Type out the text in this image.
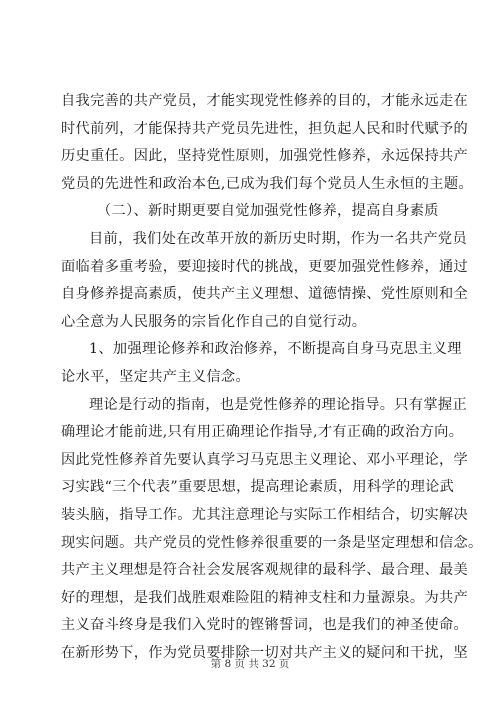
自我完善的共产党员，才能实现党性修养的目的，才能永远走在
时代前列，才能保持共产党员先进性，担负起人民和时代赋予的
历史重任。因此，坚持党性原则，加强党性修养，永远保持共产
党员的先进性和政治本色,已成为我们每个党员人生永恒的主题。
（二）、新时期更要自觉加强党性修养，提高自身素质
目前，我们处在改革开放的新历史时期，作为一名共产党员
面临着多重考验，要迎接时代的挑战，更要加强党性修养，通过
自身修养提高素质，使共产主义理想、道德情操、党性原则和全
心全意为人民服务的宗旨化作自己的自觉行动。
1、加强理论修养和政治修养，不断提高自身马克思主义理
论水平，坚定共产主义信念。
理论是行动的指南，也是党性修养的理论指导。只有掌握正
确理论才能前进,只有用正确理论作指导,才有正确的政治方向。
因此党性修养首先要认真学习马克思主义理论、邓小平理论，学
习实践“三个代表”重要思想，提高理论素质，用科学的理论武
装头脑，指导工作。尤其注意理论与实际工作相结合，切实解决
现实问题。共产党员的党性修养很重要的一条是坚定理想和信念。
共产主义理想是符合社会发展客观规律的最科学、最合理、最美
好的理想，是我们战胜艰难险阻的精神支柱和力量源泉。为共产
主义奋斗终身是我们入党时的铿锵誓词，也是我们的神圣使命。
在新形势下，作为党员要排除一切对共产主义的疑问和干扰，坚
第 8 页 共 32 页
